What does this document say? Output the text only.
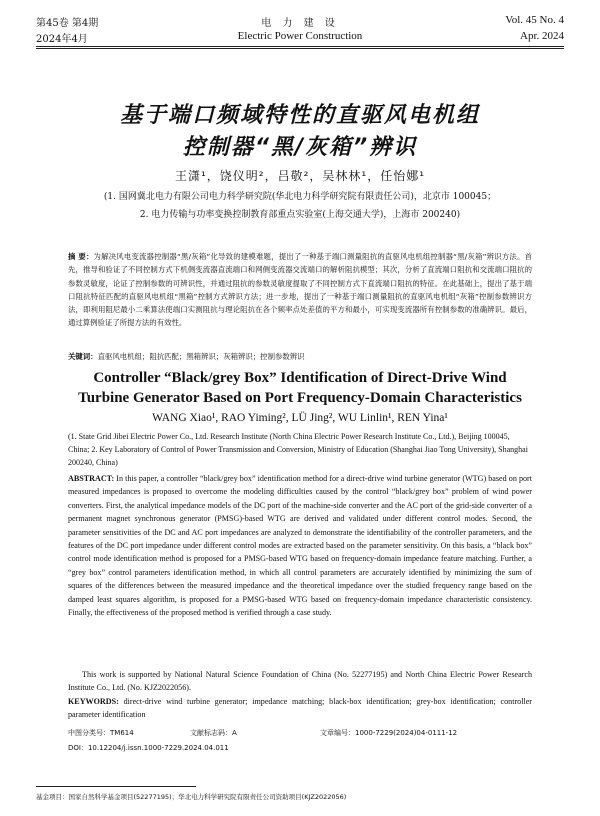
第45卷 第4期	电 力 建 设	Vol. 45 No. 4
2024年4月	Electric Power Construction	Apr. 2024
基于端口频域特性的直驱风电机组
控制器“黑/灰箱”辨识
王潇¹，饶仪明²，吕敬²，吴林林¹，任怡娜¹
(1. 国网冀北电力有限公司电力科学研究院(华北电力科学研究院有限责任公司)，北京市 100045；
2. 电力传输与功率变换控制教育部重点实验室(上海交通大学)，上海市 200240)
摘 要：为解决风电变流器控制器“黑/灰箱”化导致的建模难题，提出了一种基于端口测量阻抗的直驱风电机组控制器“黑/灰箱”辨识方法。首先，推导和验证了不同控制方式下机侧变流器直流端口和网侧变流器交流端口的解析阻抗模型；其次，分析了直流端口阻抗和交流端口阻抗的参数灵敏度，论证了控制参数的可辨识性，并通过阻抗的参数灵敏度提取了不同控制方式下直流端口阻抗的特征。在此基础上，提出了基于端口阻抗特征匹配的直驱风电机组“黑箱”控制方式辨识方法；进一步地，提出了一种基于端口测量阻抗的直驱风电机组“灰箱”控制参数辨识方法，即利用阻尼最小二乘算法使端口实测阻抗与理论阻抗在各个频率点处差值的平方和最小，可实现变流器所有控制参数的准确辨识。最后，通过算例验证了所提方法的有效性。
关键词：直驱风电机组；阻抗匹配；黑箱辨识；灰箱辨识；控制参数辨识
Controller “Black/grey Box” Identification of Direct-Drive Wind
Turbine Generator Based on Port Frequency-Domain Characteristics
WANG Xiao¹, RAO Yiming², LÜ Jing², WU Linlin¹, REN Yina¹
(1. State Grid Jibei Electric Power Co., Ltd. Research Institute (North China Electric Power Research Institute Co., Ltd.), Beijing 100045, China; 2. Key Laboratory of Control of Power Transmission and Conversion, Ministry of Education (Shanghai Jiao Tong University), Shanghai 200240, China)
ABSTRACT: In this paper, a controller “black/grey box” identification method for a direct-drive wind turbine generator (WTG) based on port measured impedances is proposed to overcome the modeling difficulties caused by the control “black/grey box” problem of wind power converters. First, the analytical impedance models of the DC port of the machine-side converter and the AC port of the grid-side converter of a permanent magnet synchronous generator (PMSG)-based WTG are derived and validated under different control modes. Second, the parameter sensitivities of the DC and AC port impedances are analyzed to demonstrate the identifiability of the controller parameters, and the features of the DC port impedance under different control modes are extracted based on the parameter sensitivity. On this basis, a “black box” control mode identification method is proposed for a PMSG-based WTG based on frequency-domain impedance feature matching. Further, a “grey box” control parameters identification method, in which all control parameters are accurately identified by minimizing the sum of squares of the differences between the measured impedance and the theoretical impedance over the studied frequency range based on the damped least squares algorithm, is proposed for a PMSG-based WTG based on frequency-domain impedance characteristic consistency. Finally, the effectiveness of the proposed method is verified through a case study.
This work is supported by National Natural Science Foundation of China (No. 52277195) and North China Electric Power Research Institute Co., Ltd. (No. KJZ2022056).
KEYWORDS: direct-drive wind turbine generator; impedance matching; black-box identification; grey-box identification; controller parameter identification
中图分类号：TM614	文献标志码：A	文章编号：1000-7229(2024)04-0111-12
DOI：10.12204/j.issn.1000-7229.2024.04.011
基金项目：国家自然科学基金项目(52277195)；华北电力科学研究院有限责任公司资助项目(KJZ2022056)
